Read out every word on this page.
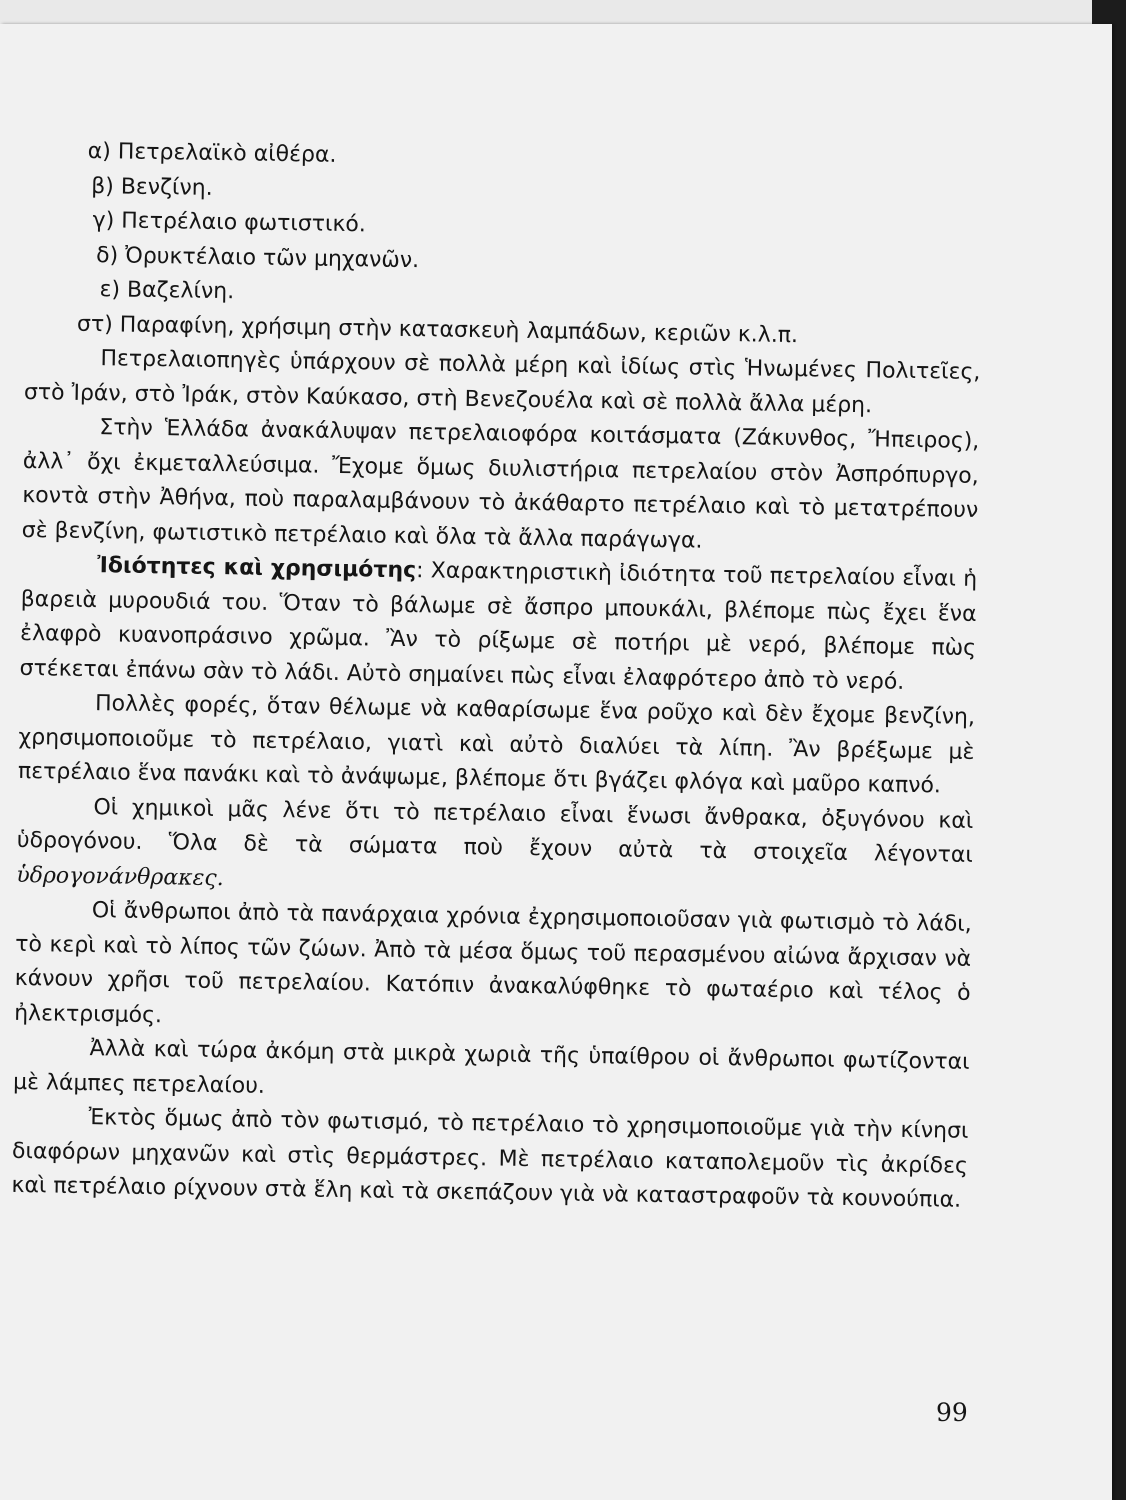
α) Πετρελαϊκὸ αἰθέρα.

β) Βενζίνη.

γ) Πετρέλαιο φωτιστικό.

δ) Ὀρυκτέλαιο τῶν μηχανῶν.

ε) Βαζελίνη.

στ) Παραφίνη, χρήσιμη στὴν κατασκευὴ λαμπάδων, κεριῶν κ.λ.π.

Πετρελαιοπηγὲς ὑπάρχουν σὲ πολλὰ μέρη καὶ ἰδίως στὶς Ἡνωμένες Πολιτεῖες, στὸ Ἰράν, στὸ Ἰράκ, στὸν Καύκασο, στὴ Βενεζουέλα καὶ σὲ πολλὰ ἄλλα μέρη.

Στὴν Ἑλλάδα ἀνακάλυψαν πετρελαιοφόρα κοιτάσματα (Ζάκυνθος, Ἤπειρος), ἀλλ᾽ ὄχι ἐκμεταλλεύσιμα. Ἔχομε ὅμως διυλιστήρια πετρελαίου στὸν Ἀσπρόπυργο, κοντὰ στὴν Ἀθήνα, ποὺ παραλαμβάνουν τὸ ἀκάθαρτο πετρέλαιο καὶ τὸ μετατρέπουν σὲ βενζίνη, φωτιστικὸ πετρέλαιο καὶ ὅλα τὰ ἄλλα παράγωγα.

Ἰδιότητες καὶ χρησιμότης: Χαρακτηριστικὴ ἰδιότητα τοῦ πετρελαίου εἶναι ἡ βαρειὰ μυρουδιά του. Ὅταν τὸ βάλωμε σὲ ἄσπρο μπουκάλι, βλέπομε πὼς ἔχει ἕνα ἐλαφρὸ κυανοπράσινο χρῶμα. Ἂν τὸ ρίξωμε σὲ ποτήρι μὲ νερό, βλέπομε πὼς στέκεται ἐπάνω σὰν τὸ λάδι. Αὐτὸ σημαίνει πὼς εἶναι ἐλαφρότερο ἀπὸ τὸ νερό.

Πολλὲς φορές, ὅταν θέλωμε νὰ καθαρίσωμε ἕνα ροῦχο καὶ δὲν ἔχομε βενζίνη, χρησιμοποιοῦμε τὸ πετρέλαιο, γιατὶ καὶ αὐτὸ διαλύει τὰ λίπη. Ἂν βρέξωμε μὲ πετρέλαιο ἕνα πανάκι καὶ τὸ ἀνάψωμε, βλέπομε ὅτι βγάζει φλόγα καὶ μαῦρο καπνό.

Οἱ χημικοὶ μᾶς λένε ὅτι τὸ πετρέλαιο εἶναι ἕνωσι ἄνθρακα, ὀξυγόνου καὶ ὑδρογόνου. Ὅλα δὲ τὰ σώματα ποὺ ἔχουν αὐτὰ τὰ στοιχεῖα λέγονται ὑδρογονάνθρακες.

Οἱ ἄνθρωποι ἀπὸ τὰ πανάρχαια χρόνια ἐχρησιμοποιοῦσαν γιὰ φωτισμὸ τὸ λάδι, τὸ κερὶ καὶ τὸ λίπος τῶν ζώων. Ἀπὸ τὰ μέσα ὅμως τοῦ περασμένου αἰώνα ἄρχισαν νὰ κάνουν χρῆσι τοῦ πετρελαίου. Κατόπιν ἀνακαλύφθηκε τὸ φωταέριο καὶ τέλος ὁ ἠλεκτρισμός.

Ἀλλὰ καὶ τώρα ἀκόμη στὰ μικρὰ χωριὰ τῆς ὑπαίθρου οἱ ἄνθρωποι φωτίζονται μὲ λάμπες πετρελαίου.

Ἐκτὸς ὅμως ἀπὸ τὸν φωτισμό, τὸ πετρέλαιο τὸ χρησιμοποιοῦμε γιὰ τὴν κίνησι διαφόρων μηχανῶν καὶ στὶς θερμάστρες. Μὲ πετρέλαιο καταπολεμοῦν τὶς ἀκρίδες καὶ πετρέλαιο ρίχνουν στὰ ἕλη καὶ τὰ σκεπάζουν γιὰ νὰ καταστραφοῦν τὰ κουνούπια.

99
